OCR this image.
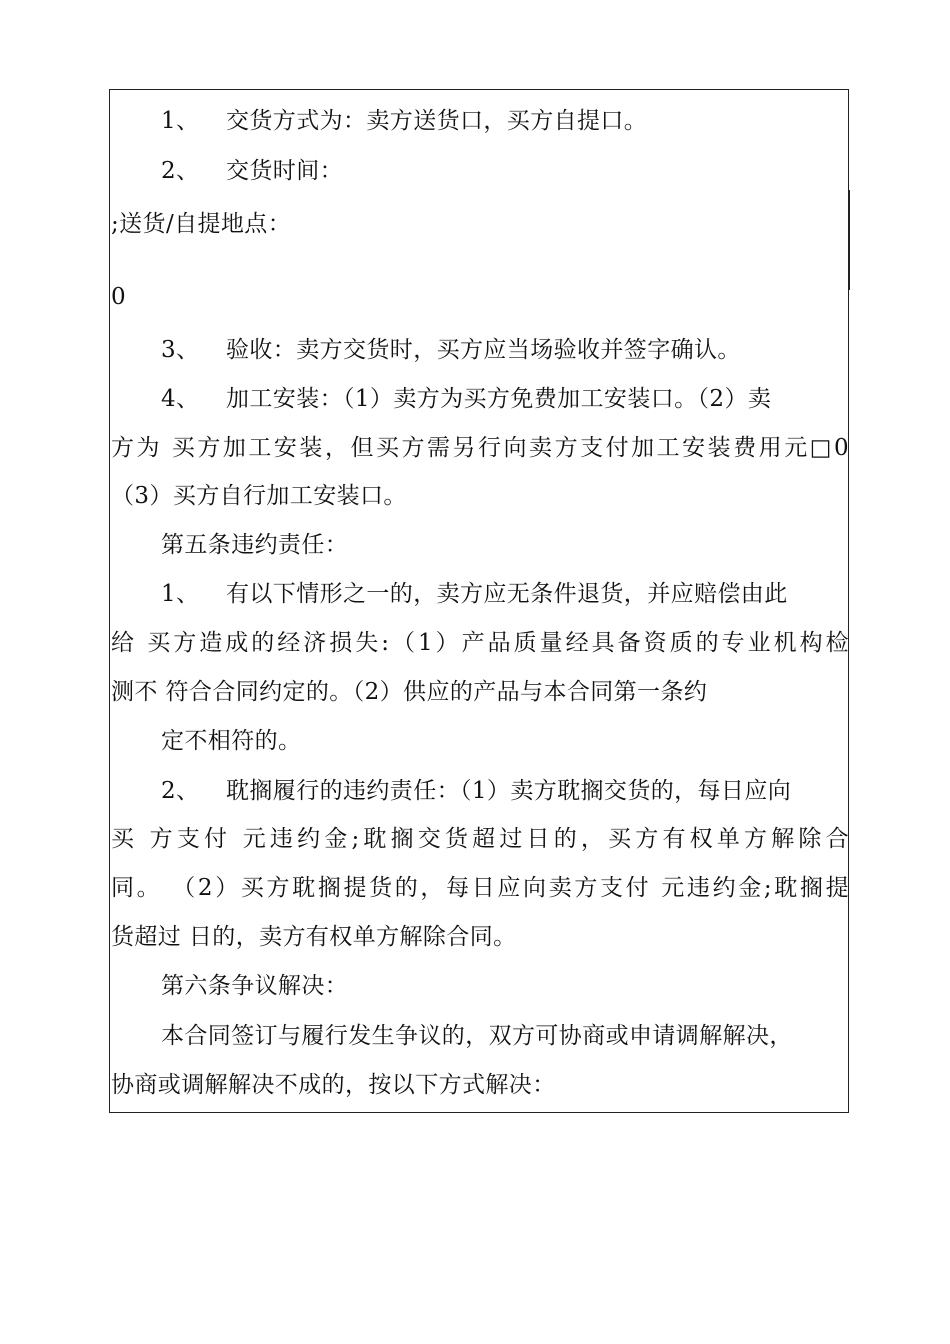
1、 交货方式为：卖方送货口，买方自提口。
2、 交货时间：
;送货/自提地点：
0
3、 验收：卖方交货时，买方应当场验收并签字确认。
4、 加工安装：（1）卖方为买方免费加工安装口。（2）卖
方为 买方加工安装，但买方需另行向卖方支付加工安装费用元□0
（3）买方自行加工安装口。
第五条违约责任：
1、 有以下情形之一的，卖方应无条件退货，并应赔偿由此
给 买方造成的经济损失:（1）产品质量经具备资质的专业机构检
测不 符合合同约定的。（2）供应的产品与本合同第一条约
定不相符的。
2、 耽搁履行的违约责任：（1）卖方耽搁交货的，每日应向
买 方支付 元违约金;耽搁交货超过日的，买方有权单方解除合
同。 （2）买方耽搁提货的，每日应向卖方支付 元违约金;耽搁提
货超过 日的，卖方有权单方解除合同。
第六条争议解决：
本合同签订与履行发生争议的，双方可协商或申请调解解决，
协商或调解解决不成的，按以下方式解决：
